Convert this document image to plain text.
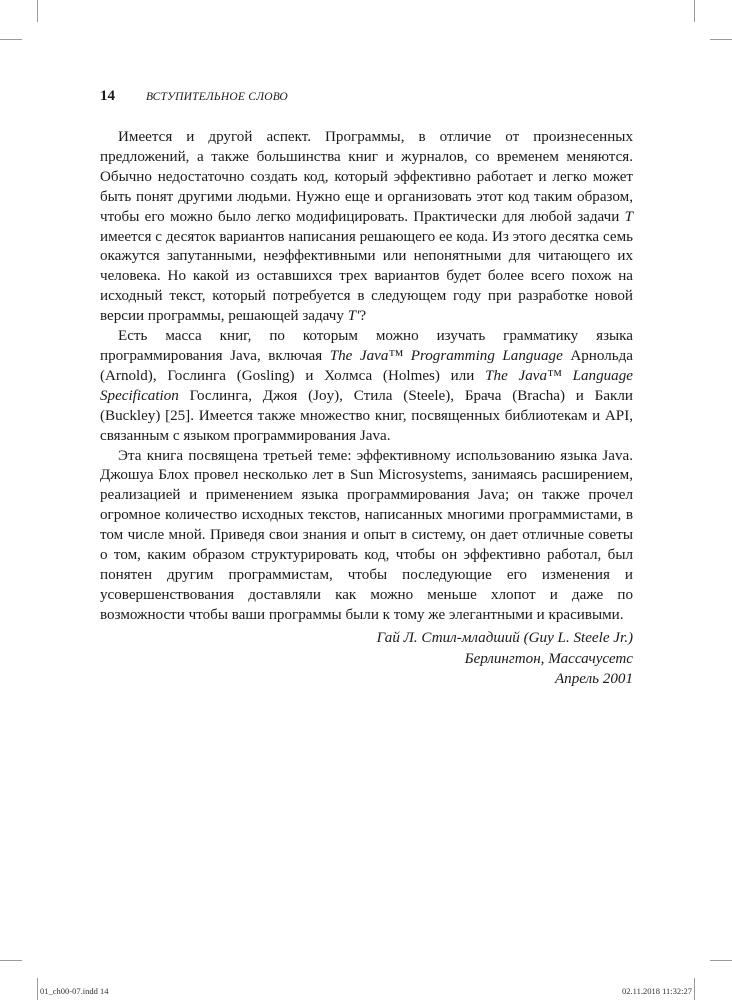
14	ВСТУПИТЕЛЬНОЕ СЛОВО

Имеется и другой аспект. Программы, в отличие от произнесенных предложений, а также большинства книг и журналов, со временем меняются. Обычно недостаточно создать код, который эффективно работает и легко может быть понят другими людьми. Нужно еще и организовать этот код таким образом, чтобы его можно было легко модифицировать. Практически для любой задачи T имеется с десяток вариантов написания решающего ее кода. Из этого десятка семь окажутся запутанными, неэффективными или непонятными для читающего их человека. Но какой из оставшихся трех вариантов будет более всего похож на исходный текст, который потребуется в следующем году при разработке новой версии программы, решающей задачу T'?

Есть масса книг, по которым можно изучать грамматику языка программирования Java, включая The Java™ Programming Language Арнольда (Arnold), Гослинга (Gosling) и Холмса (Holmes) или The Java™ Language Specification Гослинга, Джоя (Joy), Стила (Steele), Брача (Bracha) и Бакли (Buckley) [25]. Имеется также множество книг, посвященных библиотекам и API, связанным с языком программирования Java.

Эта книга посвящена третьей теме: эффективному использованию языка Java. Джошуа Блох провел несколько лет в Sun Microsystems, занимаясь расширением, реализацией и применением языка программирования Java; он также прочел огромное количество исходных текстов, написанных многими программистами, в том числе мной. Приведя свои знания и опыт в систему, он дает отличные советы о том, каким образом структурировать код, чтобы он эффективно работал, был понятен другим программистам, чтобы последующие его изменения и усовершенствования доставляли как можно меньше хлопот и даже по возможности чтобы ваши программы были к тому же элегантными и красивыми.

Гай Л. Стил-младший (Guy L. Steele Jr.)
Берлингтон, Массачусетс
Апрель 2001
01_ch00-07.indd 14	02.11.2018 11:32:27
